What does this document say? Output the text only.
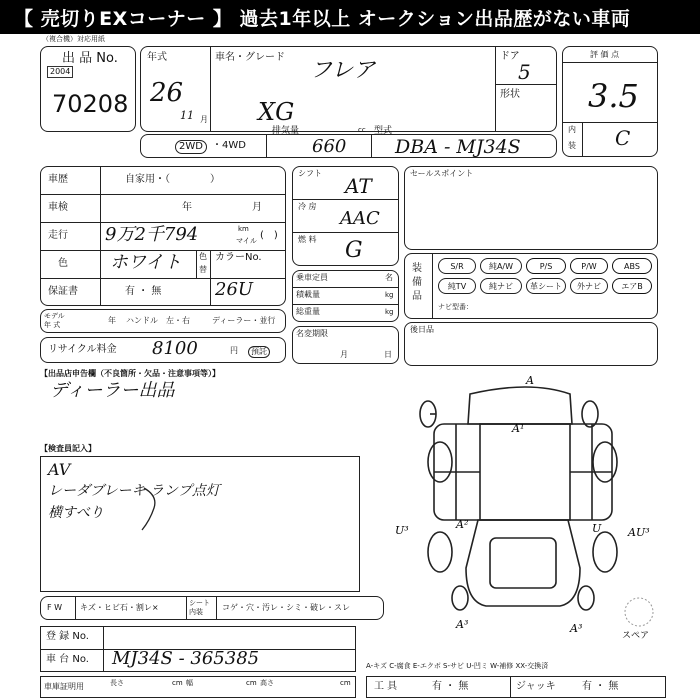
【 売切りEXコーナー 】 過去1年以上 オークション出品歴がない車両
（複合機）対応用紙
出 品 No.
2004
70208
年式
26
11 月
車名・グレード
フレア
XG
ドア
5
形状
評 価 点
3.5
内
装 C
2WD ・4WD
排気量	cc
660
型式
DBA - MJ34S
車歴	自家用・（　　　　）
車検	年	月
走行 9万2千794	km
マイル (　)
色 ホワイト 色
替
カラーNo.
26U
保証書	有 ・ 無
モデル
年 式	年 ハンドル　左・右	ディーラー・並行
リサイクル料金 8100	円	預託
シフト
AT
冷 房
AAC
燃 料 G
乗車定員	名
積載量	kg
総重量	kg
名変期限
月	日
セールスポイント
装 備 品
S/R	純A/W	P/S	P/W	ABS
純TV	純ナビ	革シート	外ナビ	エアB
ナビ型番：
後日品
【出品店申告欄（不良箇所・欠品・注意事項等）】
ディーラー出品
【検査員記入】
AV
レーダブレーキ ランプ点灯
横すべり
A
A¹
U³	AU³
A²	U
A³	A³
スペア
F W キズ・ヒビ石・割レ×	シート内装	コゲ・穴・汚レ・シミ・破レ・スレ
登 録 No.
車 台 No. MJ34S - 365385	A-キズ C-腐食 E-エクボ S-サビ U-凹ミ W-補修 XX-交換済
車庫証明用	長さ	cm 幅	cm 高さ	cm 工 具	有 ・ 無	ジャッキ	有 ・ 無
